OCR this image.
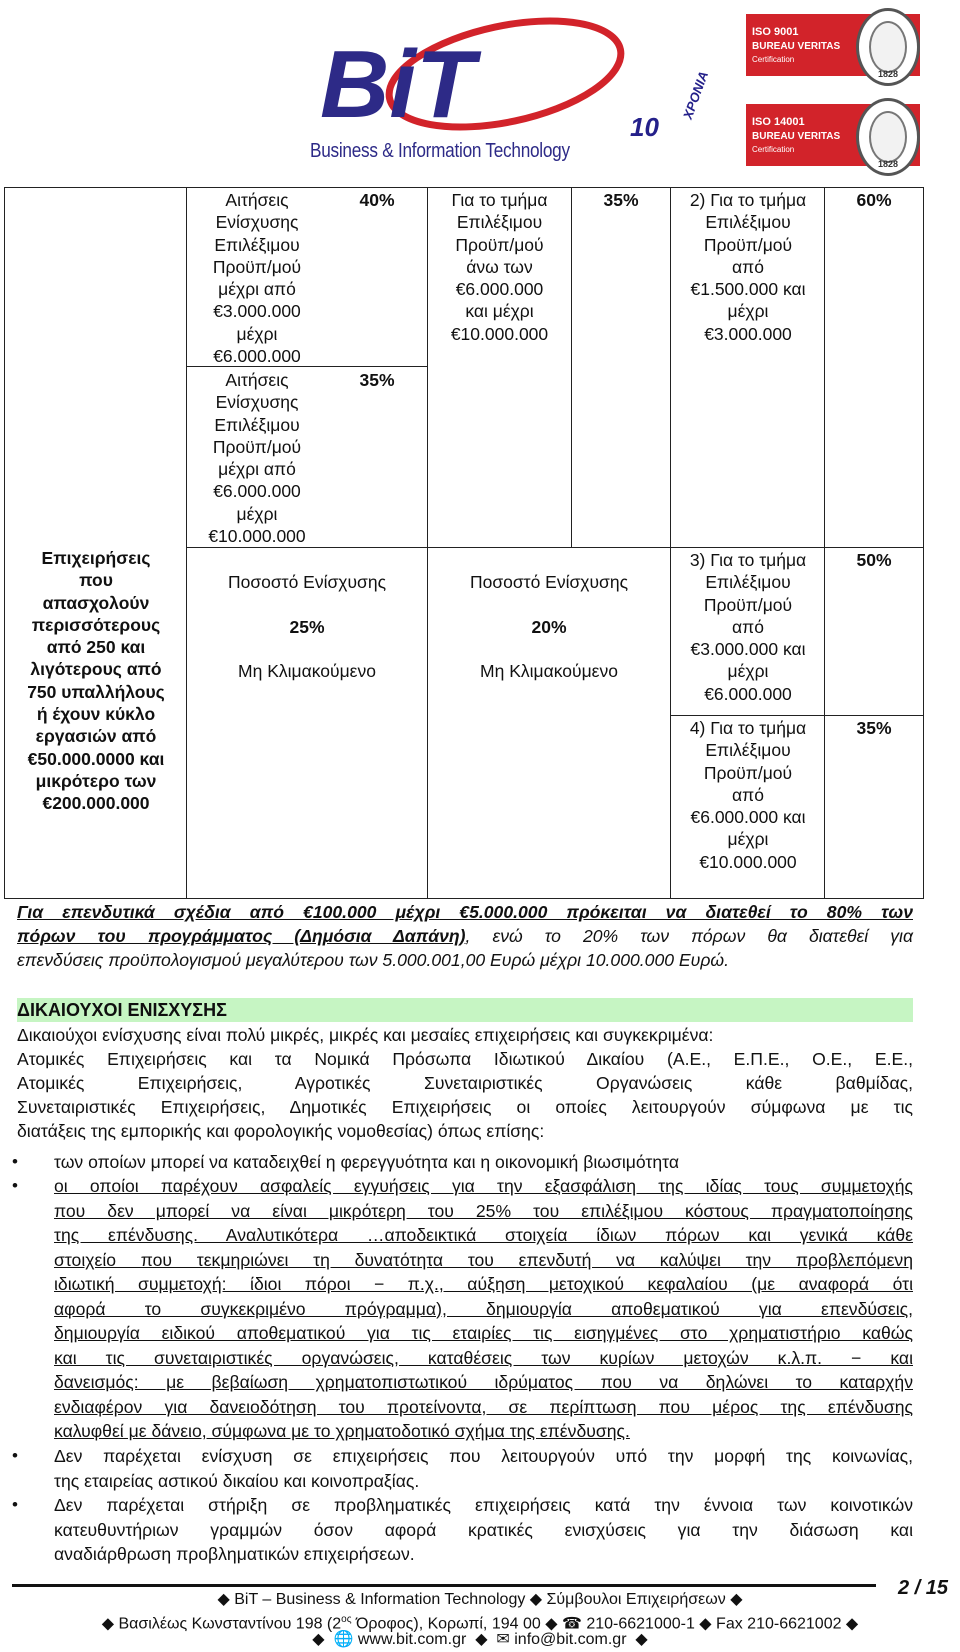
BiT
Business & Information Technology
10
ΧΡΟΝΙΑ
ISO 9001
BUREAU VERITAS
Certification
1828
ISO 14001
BUREAU VERITAS
Certification
1828
Επιχειρήσεις
που
απασχολούν
περισσότερους
από 250 και
λιγότερους από
750 υπαλλήλους
ή έχουν κύκλο
εργασιών από
€50.000.0000 και
μικρότερο των
€200.000.000
Αιτήσεις
Ενίσχυσης
Επιλέξιμου
Προϋπ/μού
μέχρι από
€3.000.000
μέχρι
€6.000.000
40%
Αιτήσεις
Ενίσχυσης
Επιλέξιμου
Προϋπ/μού
μέχρι από
€6.000.000
μέχρι
€10.000.000
35%
Για το τμήμα
Επιλέξιμου
Προϋπ/μού
άνω των
€6.000.000
και μέχρι
€10.000.000
35%	2) Για το τμήμα
Επιλέξιμου
Προϋπ/μού
από
€1.500.000 και
μέχρι
€3.000.000
60%

Ποσοστό Ενίσχυσης

25%

Μη Κλιμακούμενο

Ποσοστό Ενίσχυσης

20%

Μη Κλιμακούμενο

3) Για το τμήμα
Επιλέξιμου
Προϋπ/μού
από
€3.000.000 και
μέχρι
€6.000.000
50%
4) Για το τμήμα
Επιλέξιμου
Προϋπ/μού
από
€6.000.000 και
μέχρι
€10.000.000
35%
Για επενδυτικά σχέδια από €100.000 μέχρι €5.000.000 πρόκειται να διατεθεί το 80% των
πόρων του προγράμματος (Δημόσια Δαπάνη), ενώ το 20% των πόρων θα διατεθεί για
επενδύσεις προϋπολογισμού μεγαλύτερου των 5.000.001,00 Ευρώ μέχρι 10.000.000 Ευρώ.
ΔΙΚΑΙΟΥΧΟΙ ΕΝΙΣΧΥΣΗΣ
Δικαιούχοι ενίσχυσης είναι πολύ μικρές, μικρές και μεσαίες επιχειρήσεις και συγκεκριμένα:
Ατομικές Επιχειρήσεις και τα Νομικά Πρόσωπα Ιδιωτικού Δικαίου (Α.Ε., Ε.Π.Ε., Ο.Ε., Ε.Ε.,
Ατομικές Επιχειρήσεις, Αγροτικές Συνεταιριστικές Οργανώσεις κάθε βαθμίδας,
Συνεταιριστικές Επιχειρήσεις, Δημοτικές Επιχειρήσεις οι οποίες λειτουργούν σύμφωνα με τις
διατάξεις της εμπορικής και φορολογικής νομοθεσίας) όπως επίσης:
• των οποίων μπορεί να καταδειχθεί η φερεγγυότητα και η οικονομική βιωσιμότητα
• οι οποίοι παρέχουν ασφαλείς εγγυήσεις για την εξασφάλιση της ιδίας τους συμμετοχής
που δεν μπορεί να είναι μικρότερη του 25% του επιλέξιμου κόστους πραγματοποίησης
της επένδυσης. Αναλυτικότερα …αποδεικτικά στοιχεία ίδιων πόρων και γενικά κάθε
στοιχείο που τεκμηριώνει τη δυνατότητα του επενδυτή να καλύψει την προβλεπόμενη
ιδιωτική συμμετοχή: ίδιοι πόροι − π.χ., αύξηση μετοχικού κεφαλαίου (με αναφορά ότι
αφορά το συγκεκριμένο πρόγραμμα), δημιουργία αποθεματικού για επενδύσεις,
δημιουργία ειδικού αποθεματικού για τις εταιρίες τις εισηγμένες στο χρηματιστήριο καθώς
και τις συνεταιριστικές οργανώσεις, καταθέσεις των κυρίων μετοχών κ.λ.π. − και
δανεισμός: με βεβαίωση χρηματοπιστωτικού ιδρύματος που να δηλώνει το καταρχήν
ενδιαφέρον για δανειοδότηση του προτείνοντα, σε περίπτωση που μέρος της επένδυσης
καλυφθεί με δάνειο, σύμφωνα με το χρηματοδοτικό σχήμα της επένδυσης.
• Δεν παρέχεται ενίσχυση σε επιχειρήσεις που λειτουργούν υπό την μορφή της κοινωνίας,
της εταιρείας αστικού δικαίου και κοινοπραξίας.
• Δεν παρέχεται στήριξη σε προβληματικές επιχειρήσεις κατά την έννοια των κοινοτικών
κατευθυντήριων γραμμών όσον αφορά κρατικές ενισχύσεις για την διάσωση και
αναδιάρθρωση προβληματικών επιχειρήσεων.
2 / 15
◆ BiT – Business & Information Technology ◆ Σύμβουλοι Επιχειρήσεων ◆
◆ Βασιλέως Κωνσταντίνου 198 ($2^{o\varsigma}$ Όροφος), Κορωπί, 194 00 ◆ ☎ 210-6621000-1 ◆ Fax 210-6621002 ◆
◆  🌐 www.bit.com.gr  ◆  ✉ info@bit.com.gr  ◆
